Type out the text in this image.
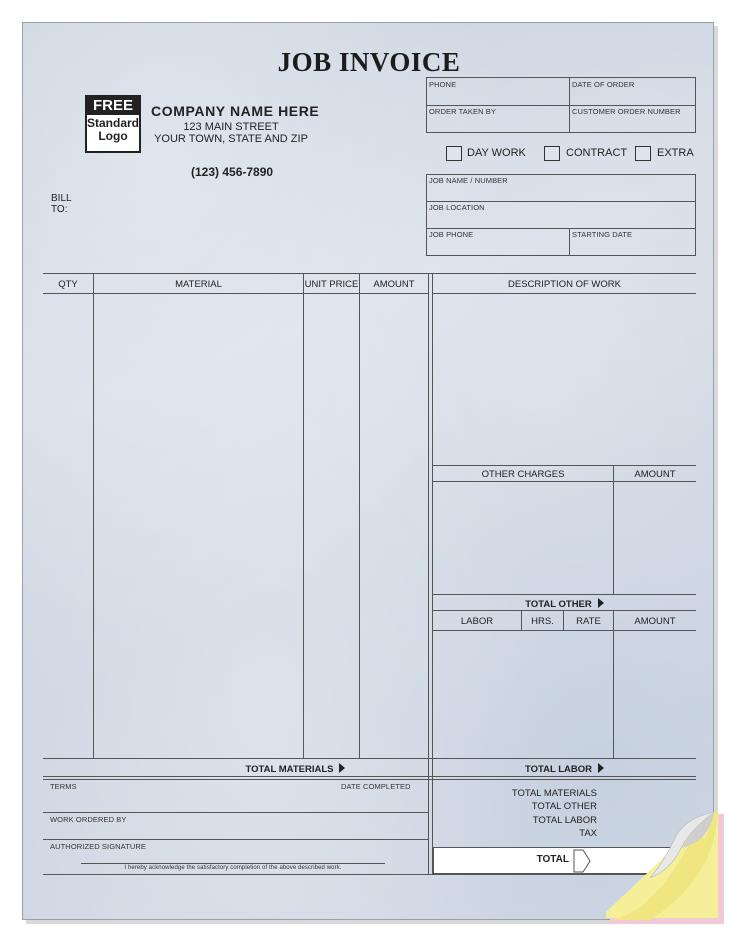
JOB INVOICE
FREE
Standard
Logo
COMPANY NAME HERE
123 MAIN STREET
YOUR TOWN, STATE AND ZIP
(123) 456-7890
BILL
TO:
PHONE	DATE OF ORDER
ORDER TAKEN BY	CUSTOMER ORDER NUMBER
DAY WORK	CONTRACT	EXTRA
JOB NAME / NUMBER
JOB LOCATION
JOB PHONE	STARTING DATE
QTY	MATERIAL	UNIT PRICE	AMOUNT	DESCRIPTION OF WORK
OTHER CHARGES	AMOUNT
TOTAL OTHER
LABOR	HRS.	RATE	AMOUNT
TOTAL MATERIALS	TOTAL LABOR
TERMS	DATE COMPLETED
WORK ORDERED BY
AUTHORIZED SIGNATURE
I hereby acknowledge the satisfactory completion of the above described work.
TOTAL MATERIALS
TOTAL OTHER
TOTAL LABOR
TAX
TOTAL
